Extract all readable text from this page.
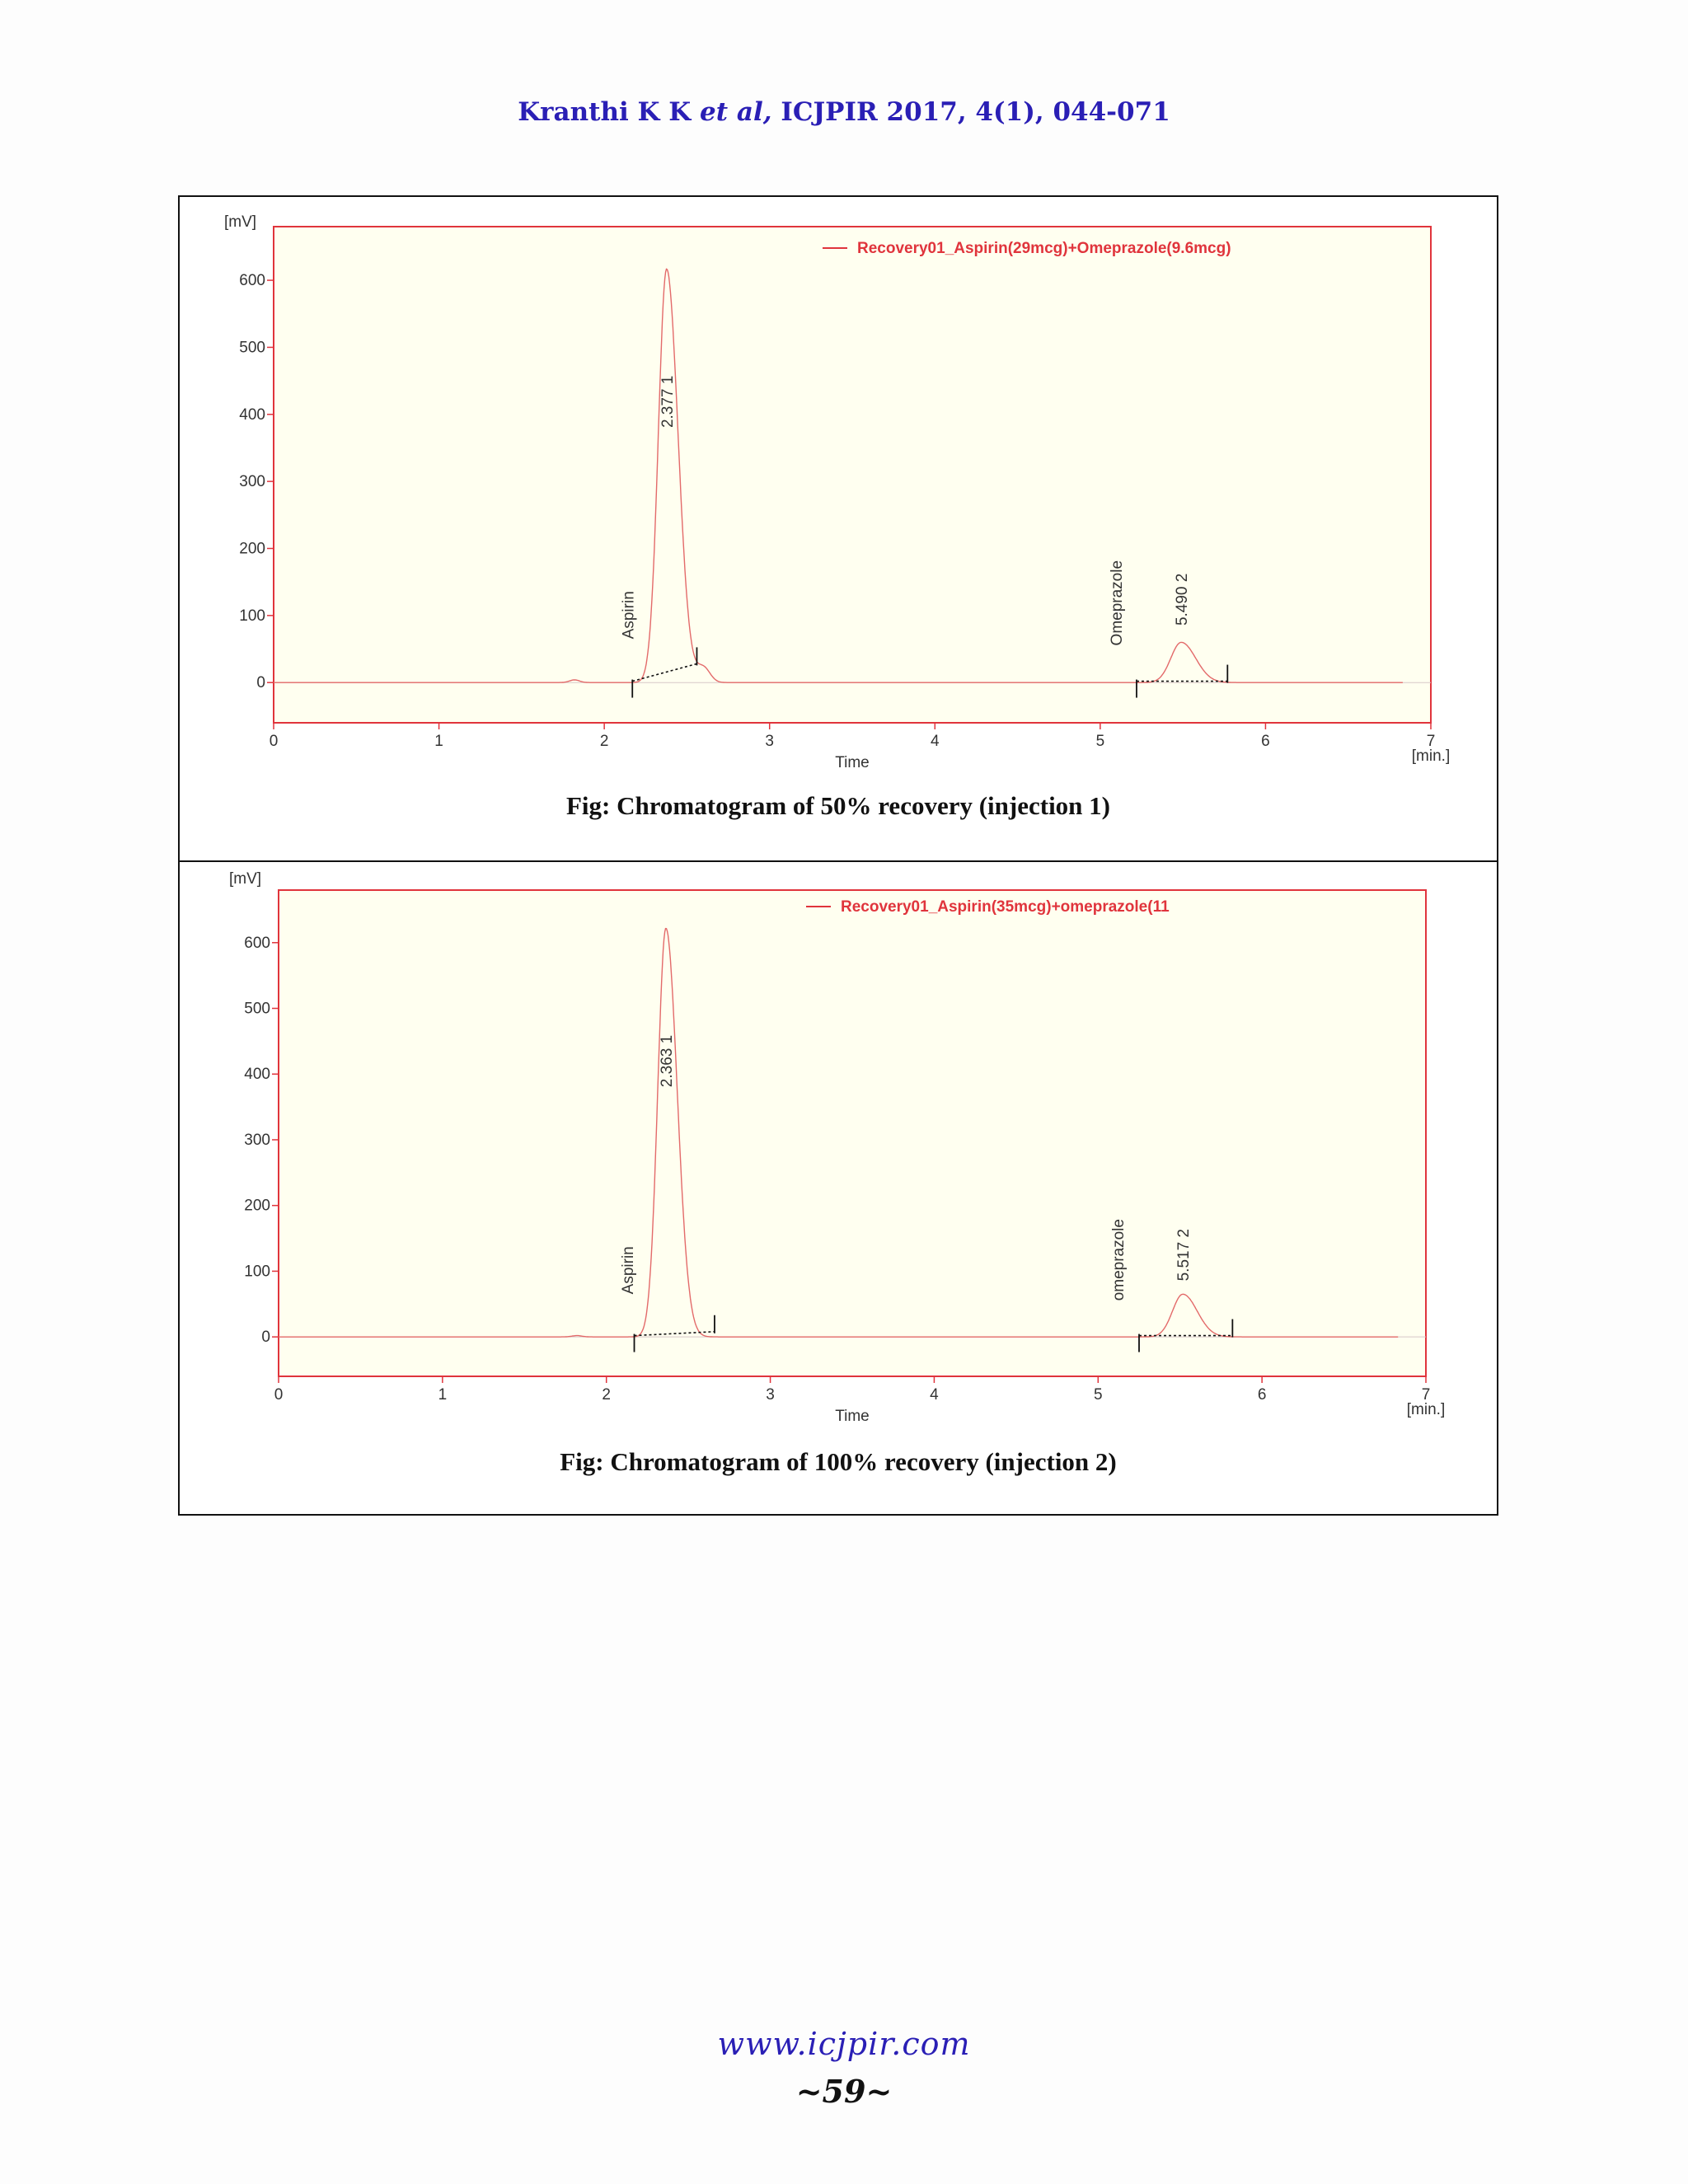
Kranthi K K et al, ICJPIR 2017, 4(1), 044-071
[mV]
0
100
200
300
400
500
600
0	1	2	3	4	5	6	7
Aspirin
2.377 1
Omeprazole	5.490 2
Recovery01_Aspirin(29mcg)+Omeprazole(9.6mcg)
Time	[min.]
Fig: Chromatogram of 50% recovery (injection 1)
[mV]
0
100
200
300
400
500
600
0	1	2	3	4	5	6	7
Aspirin
2.363 1
omeprazole	5.517 2
Recovery01_Aspirin(35mcg)+omeprazole(11
Time	[min.]
Fig: Chromatogram of 100% recovery (injection 2)
www.icjpir.com
~59~
